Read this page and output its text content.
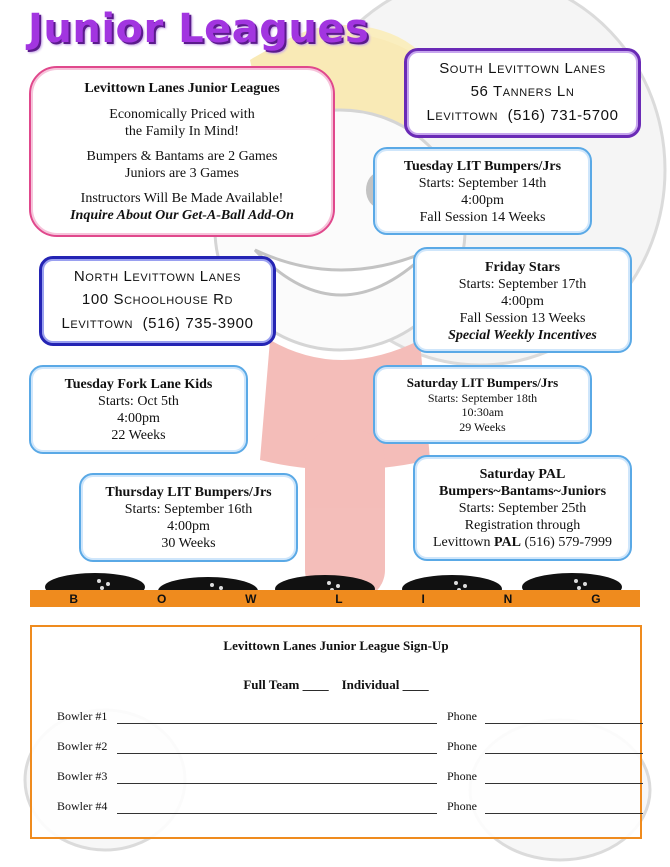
Junior Leagues
Levittown Lanes Junior Leagues
Economically Priced with
the Family In Mind!
Bumpers & Bantams are 2 Games
Juniors are 3 Games
Instructors Will Be Made Available!
Inquire About Our Get-A-Ball Add-On
South Levittown Lanes
56 Tanners Ln
Levittown  (516) 731-5700
North Levittown Lanes
100 Schoolhouse Rd
Levittown  (516) 735-3900
Tuesday LIT Bumpers/Jrs
Starts: September 14th
4:00pm
Fall Session 14 Weeks
Friday Stars
Starts: September 17th
4:00pm
Fall Session 13 Weeks
Special Weekly Incentives
Tuesday Fork Lane Kids
Starts: Oct 5th
4:00pm
22 Weeks
Saturday LIT Bumpers/Jrs
Starts: September 18th
10:30am
29 Weeks
Thursday LIT Bumpers/Jrs
Starts: September 16th
4:00pm
30 Weeks
Saturday PAL
Bumpers~Bantams~Juniors
Starts: September 25th
Registration through
Levittown PAL (516) 579-7999
B	O	W	L	I	N	G
Levittown Lanes Junior League Sign-Up
Full Team ____ Individual ____
Bowler #1	Phone
Bowler #2	Phone
Bowler #3	Phone
Bowler #4	Phone
